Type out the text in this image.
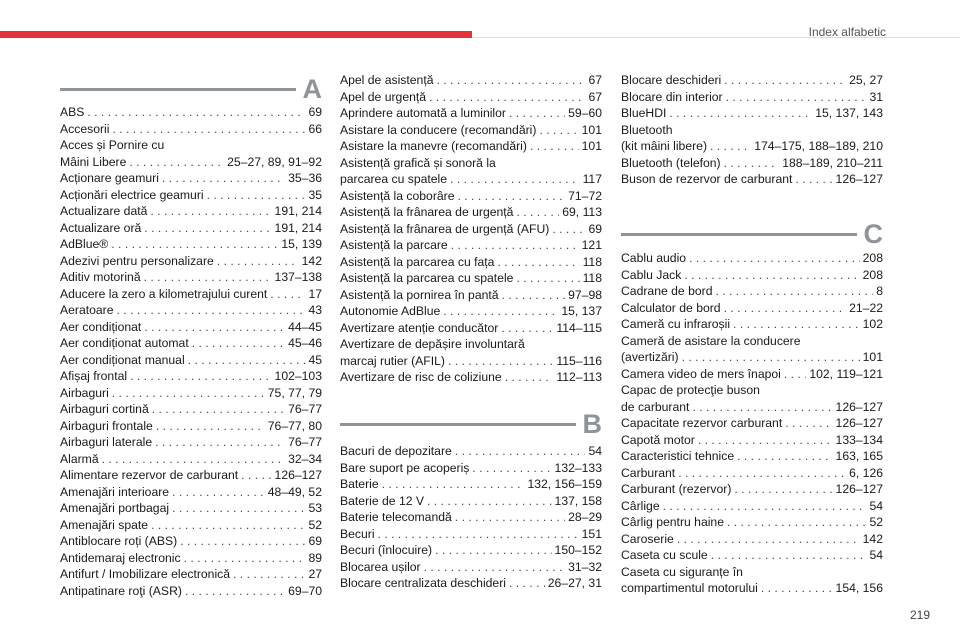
Index alfabetic
A
ABS . . .	69
Accesorii . . .	66
Acces și Pornire cu
Mâini Libere . . .	25–27, 89, 91–92
Acționare geamuri . . .	35–36
Acționări electrice geamuri . . .	35
Actualizare dată . . .	191, 214
Actualizare oră . . .	191, 214
AdBlue® . . .	15, 139
Adezivi pentru personalizare . . .	142
Aditiv motorină . . .	137–138
Aducere la zero a kilometrajului curent . . .	17
Aeratoare . . .	43
Aer condiționat . . .	44–45
Aer condiționat automat . . .	45–46
Aer condiționat manual . . .	45
Afișaj frontal . . .	102–103
Airbaguri . . .	75, 77, 79
Airbaguri cortină . . .	76–77
Airbaguri frontale . . .	76–77, 80
Airbaguri laterale . . .	76–77
Alarmă . . .	32–34
Alimentare rezervor de carburant . . .	126–127
Amenajări interioare . . .	48–49, 52
Amenajări portbagaj . . .	53
Amenajări spate . . .	52
Antiblocare roți (ABS) . . .	69
Antidemaraj electronic . . .	89
Antifurt / Imobilizare electronică . . .	27
Antipatinare roţi (ASR) . . .	69–70
Apel de asistență . . .	67
Apel de urgență . . .	67
Aprindere automată a luminilor . . .	59–60
Asistare la conducere (recomandări) . . .	101
Asistare la manevre (recomandări) . . .	101
Asistență grafică și sonoră la
parcarea cu spatele . . .	117
Asistență la coborâre . . .	71–72
Asistență la frânarea de urgență . . .	69, 113
Asistență la frânarea de urgență (AFU) . . .	69
Asistență la parcare . . .	121
Asistență la parcarea cu fața . . .	118
Asistență la parcarea cu spatele . . .	118
Asistență la pornirea în pantă . . .	97–98
Autonomie AdBlue . . .	15, 137
Avertizare atenție conducător . . .	114–115
Avertizare de depășire involuntară
marcaj rutier (AFIL) . . .	115–116
Avertizare de risc de coliziune . . .	112–113
B
Bacuri de depozitare . . .	54
Bare suport pe acoperiș . . .	132–133
Baterie . . .	132, 156–159
Baterie de 12 V . . .	137, 158
Baterie telecomandă . . .	28–29
Becuri . . .	151
Becuri (înlocuire) . . .	150–152
Blocarea ușilor . . .	31–32
Blocare centralizata deschideri . . .	26–27, 31
Blocare deschideri . . .	25, 27
Blocare din interior . . .	31
BlueHDI . . .	15, 137, 143
Bluetooth
(kit mâini libere) . . .	174–175, 188–189, 210
Bluetooth (telefon) . . .	188–189, 210–211
Buson de rezervor de carburant . . .	126–127
C
Cablu audio . . .	208
Cablu Jack . . .	208
Cadrane de bord . . .	8
Calculator de bord . . .	21–22
Cameră cu infraroșii . . .	102
Cameră de asistare la conducere
(avertizări) . . .	101
Camera video de mers înapoi . . . 102, 119–121
Capac de protecţie buson
de carburant . . .	126–127
Capacitate rezervor carburant . . .	126–127
Capotă motor . . .	133–134
Caracteristici tehnice . . .	163, 165
Carburant . . .	6, 126
Carburant (rezervor) . . .	126–127
Cârlige . . .	54
Cârlig pentru haine . . .	52
Caroserie . . .	142
Caseta cu scule . . .	54
Caseta cu siguranțe în
compartimentul motorului . . .	154, 156
219
